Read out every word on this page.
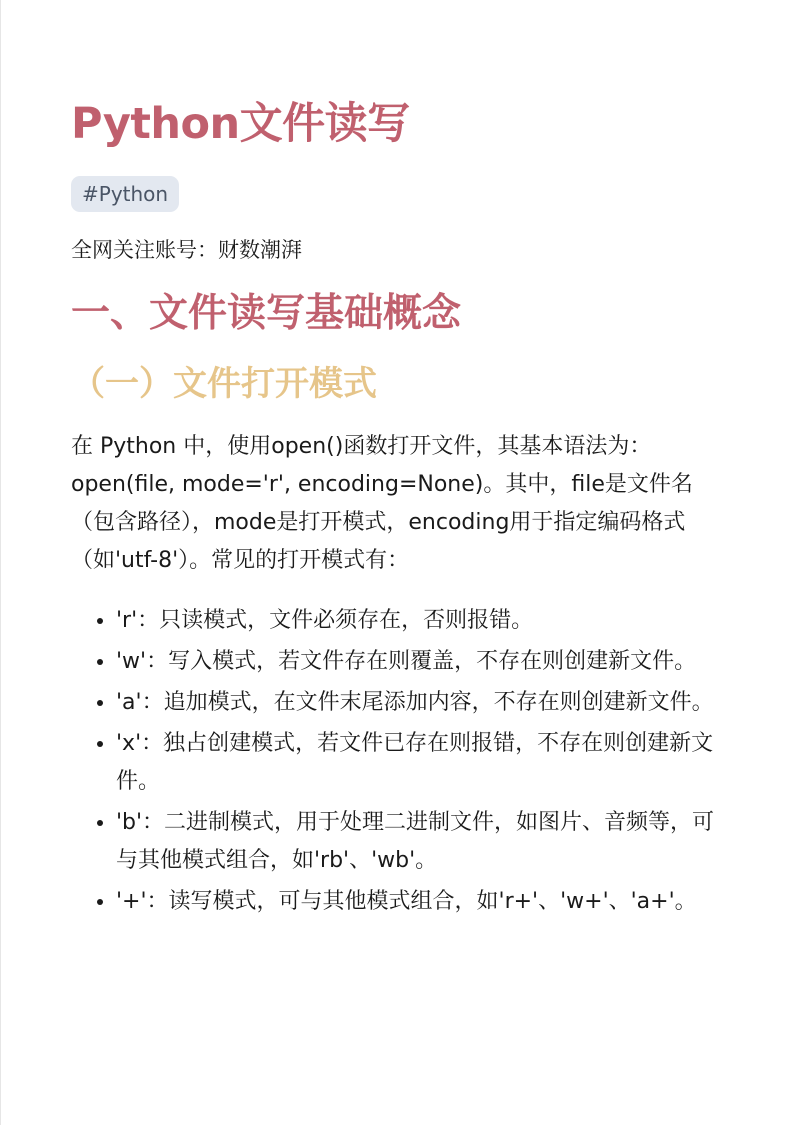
Python文件读写
#Python
全网关注账号：财数潮湃
一、文件读写基础概念
（一）文件打开模式

在 Python 中，使用open()函数打开文件，其基本语法为：open(file, mode='r', encoding=None)。其中，file是文件名（包含路径），mode是打开模式，encoding用于指定编码格式（如'utf-8'）。常见的打开模式有：

• 'r'：只读模式，文件必须存在，否则报错。
• 'w'：写入模式，若文件存在则覆盖，不存在则创建新文件。
• 'a'：追加模式，在文件末尾添加内容，不存在则创建新文件。
• 'x'：独占创建模式，若文件已存在则报错，不存在则创建新文件。
• 'b'：二进制模式，用于处理二进制文件，如图片、音频等，可与其他模式组合，如'rb'、'wb'。
• '+'：读写模式，可与其他模式组合，如'r+'、'w+'、'a+'。
